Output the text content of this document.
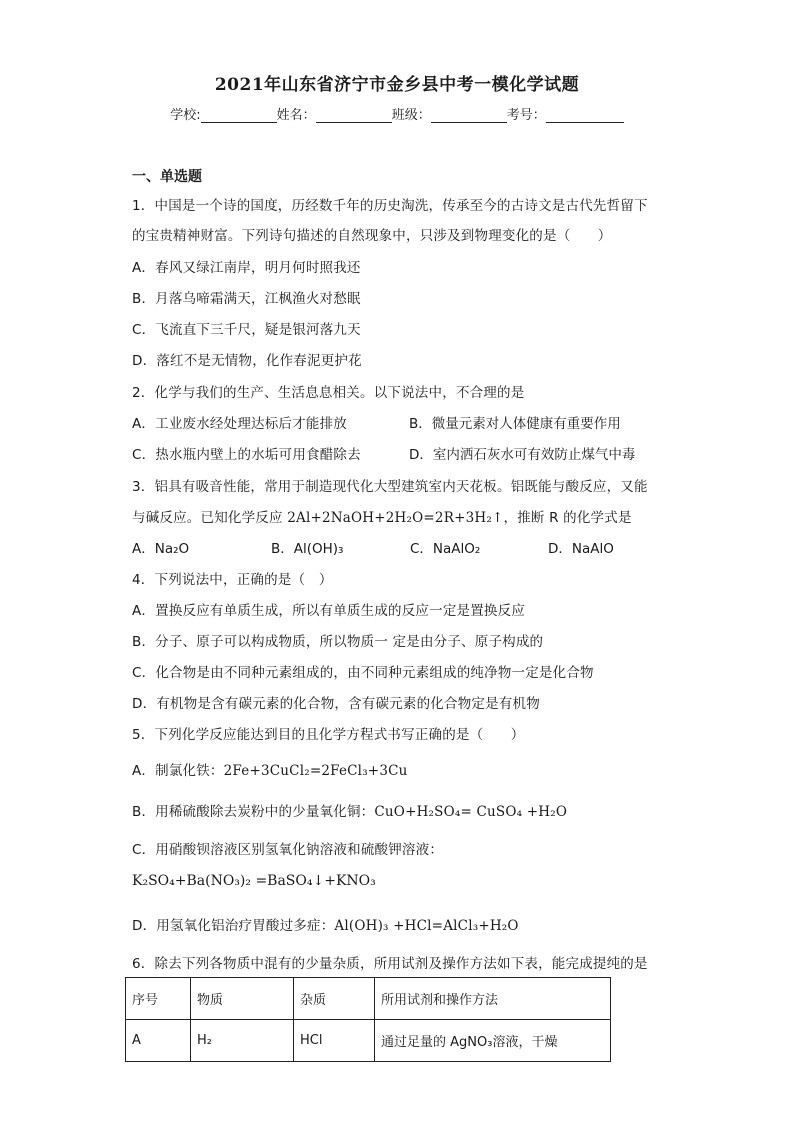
2021年山东省济宁市金乡县中考一模化学试题
学校:	姓名：	班级：	考号：
一、单选题
1．中国是一个诗的国度，历经数千年的历史淘洗，传承至今的古诗文是古代先哲留下
的宝贵精神财富。下列诗句描述的自然现象中，只涉及到物理变化的是（　　）
A．春风又绿江南岸，明月何时照我还
B．月落乌啼霜满天，江枫渔火对愁眠
C．飞流直下三千尺，疑是银河落九天
D．落红不是无情物，化作春泥更护花
2．化学与我们的生产、生活息息相关。以下说法中，不合理的是
A．工业废水经处理达标后才能排放	B．微量元素对人体健康有重要作用
C．热水瓶内壁上的水垢可用食醋除去	D．室内洒石灰水可有效防止煤气中毒
3．铝具有吸音性能，常用于制造现代化大型建筑室内天花板。铝既能与酸反应，又能
与碱反应。已知化学反应 2Al+2NaOH+2H₂O=2R+3H₂↑，推断 R 的化学式是
A．Na₂O	B．Al(OH)₃	C．NaAlO₂	D．NaAlO
4．下列说法中，正确的是（　）
A．置换反应有单质生成，所以有单质生成的反应一定是置换反应
B．分子、原子可以构成物质，所以物质一 定是由分子、原子构成的
C．化合物是由不同种元素组成的，由不同种元素组成的纯净物一定是化合物
D．有机物是含有碳元素的化合物，含有碳元素的化合物定是有机物
5．下列化学反应能达到目的且化学方程式书写正确的是（　　）
A．制氯化铁：2Fe+3CuCl₂=2FeCl₃+3Cu
B．用稀硫酸除去炭粉中的少量氧化铜：CuO+H₂SO₄= CuSO₄ +H₂O
C．用硝酸钡溶液区别氢氧化钠溶液和硫酸钾溶液：
K₂SO₄+Ba(NO₃)₂ =BaSO₄↓+KNO₃
D．用氢氧化铝治疗胃酸过多症：Al(OH)₃ +HCl=AlCl₃+H₂O
6．除去下列各物质中混有的少量杂质，所用试剂及操作方法如下表，能完成提纯的是
序号	物质	杂质	所用试剂和操作方法
A	H₂	HCl	通过足量的 AgNO₃溶液，干燥
